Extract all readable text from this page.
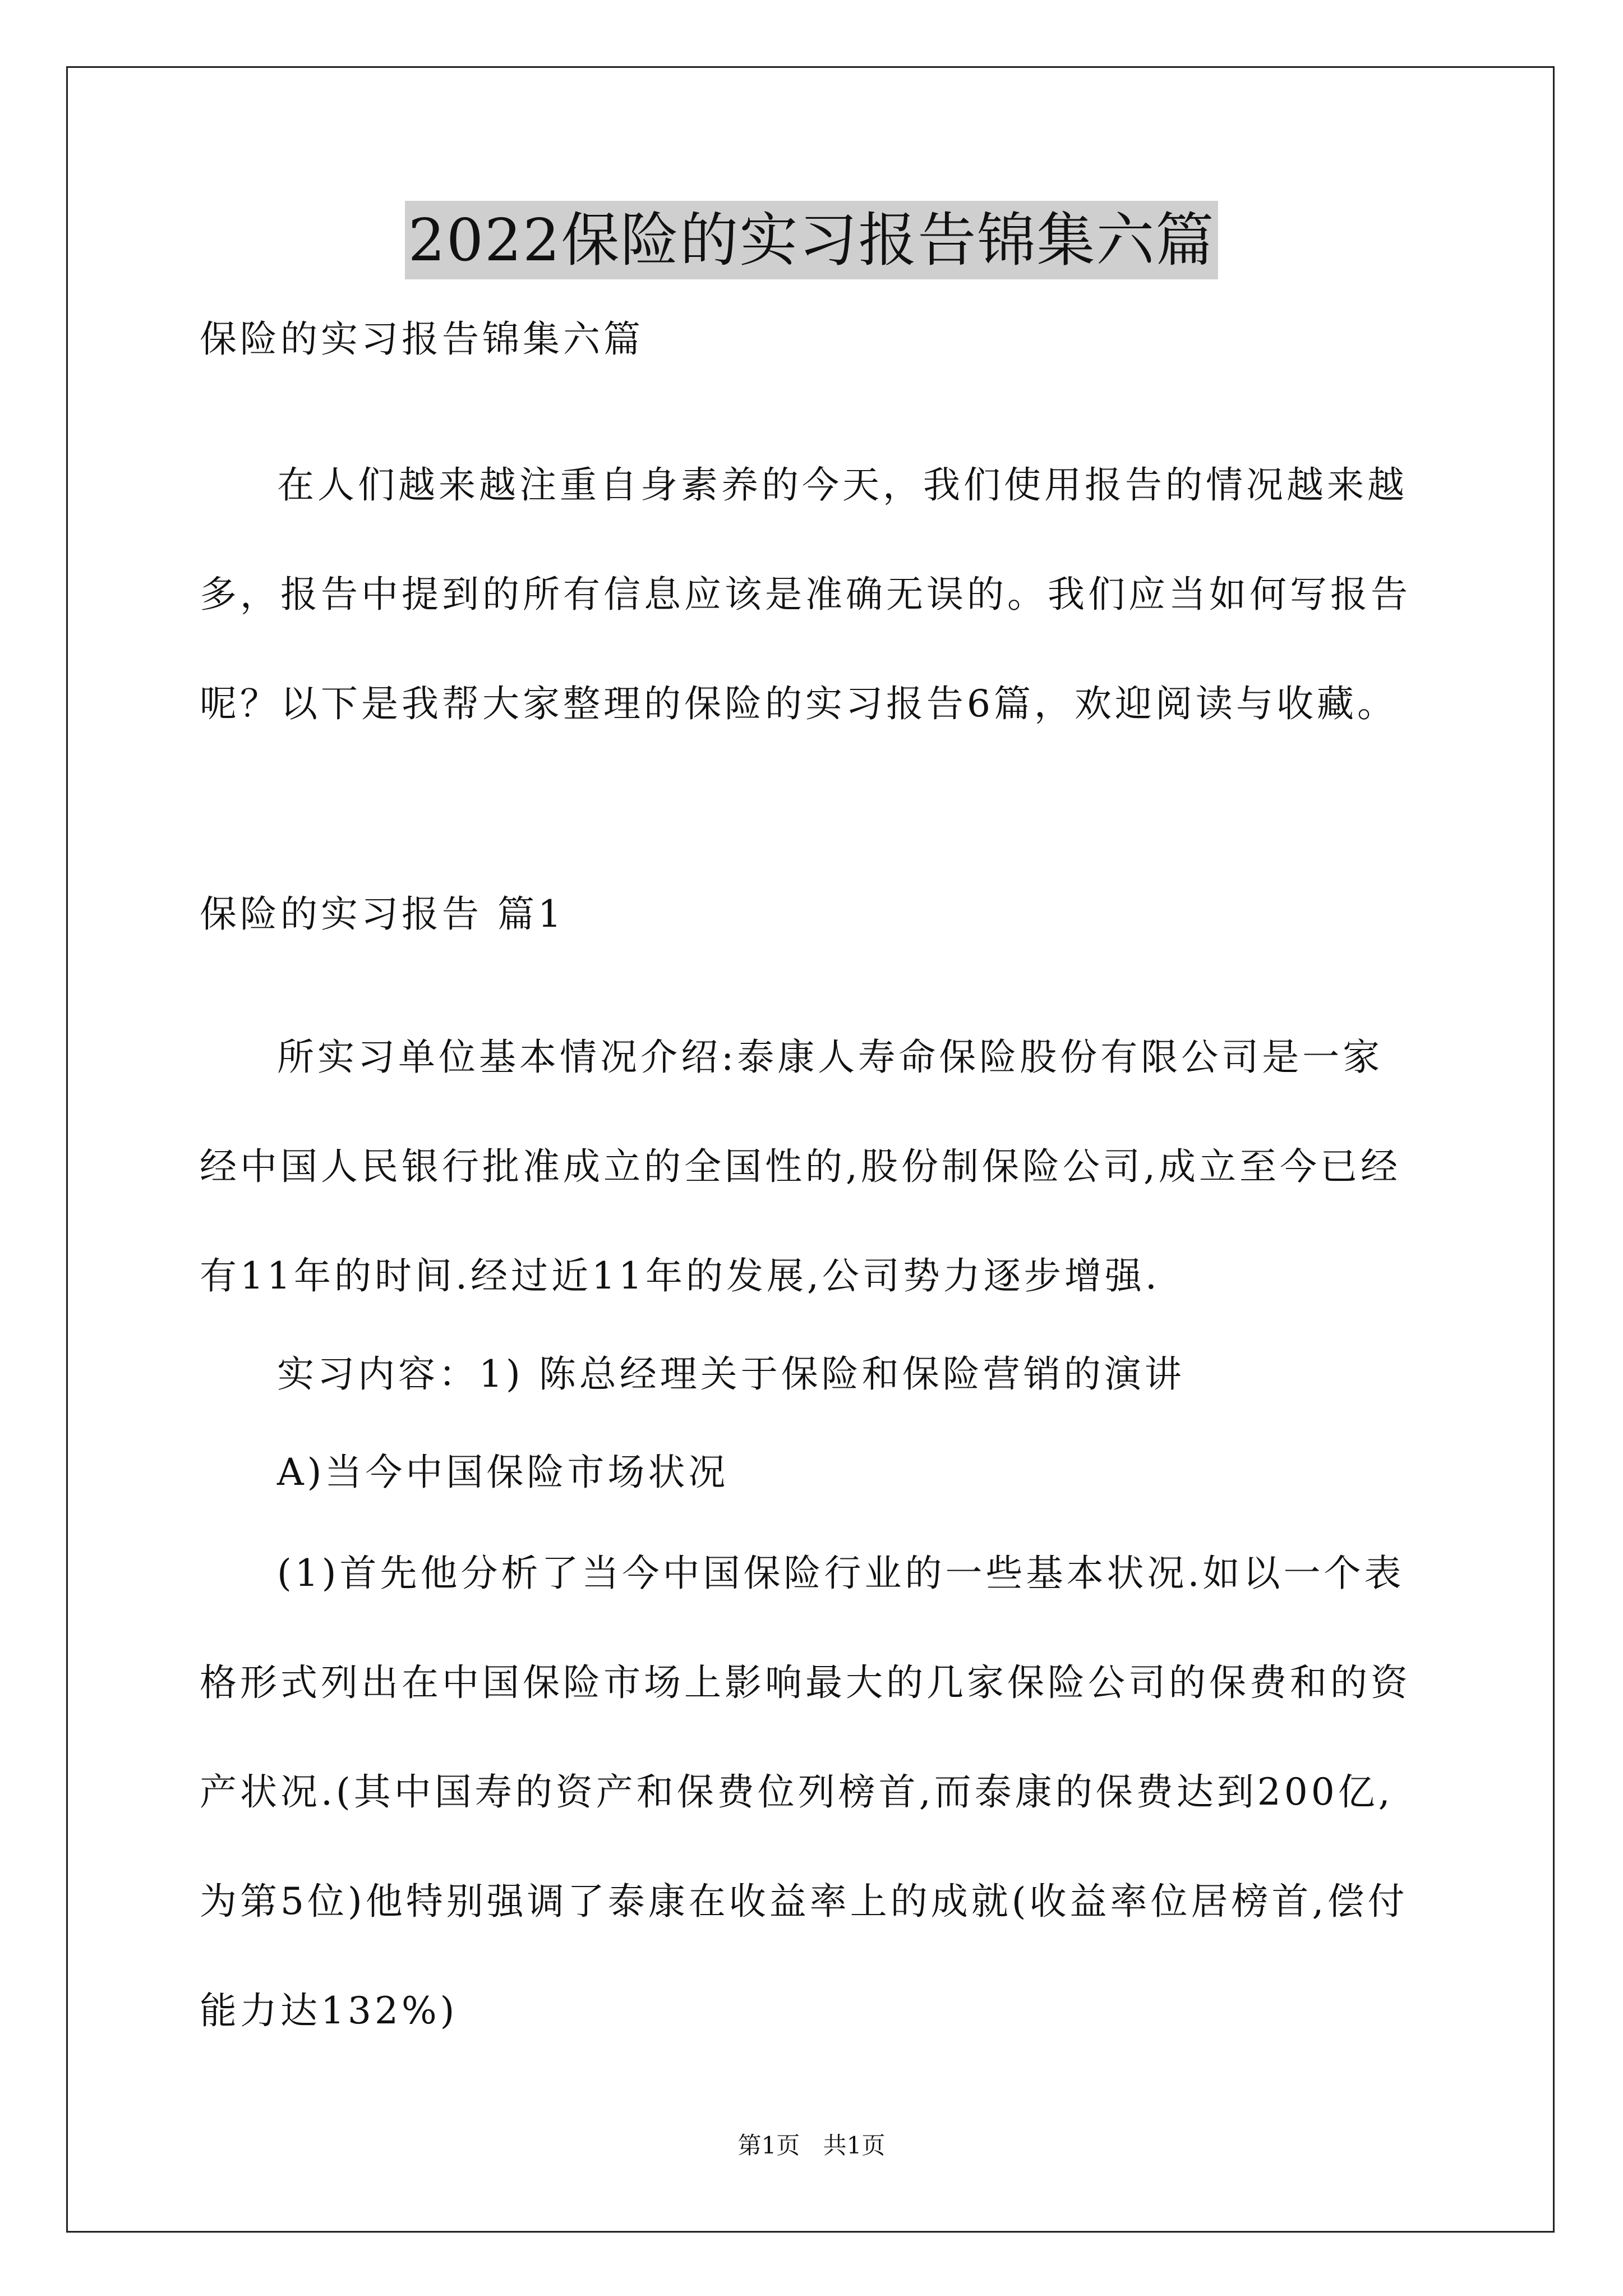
2022保险的实习报告锦集六篇
保险的实习报告锦集六篇
在人们越来越注重自身素养的今天，我们使用报告的情况越来越
多，报告中提到的所有信息应该是准确无误的。我们应当如何写报告
呢？以下是我帮大家整理的保险的实习报告6篇，欢迎阅读与收藏。
保险的实习报告 篇1
所实习单位基本情况介绍:泰康人寿命保险股份有限公司是一家
经中国人民银行批准成立的全国性的,股份制保险公司,成立至今已经
有11年的时间.经过近11年的发展,公司势力逐步增强.
实习内容：1) 陈总经理关于保险和保险营销的演讲
A)当今中国保险市场状况
(1)首先他分析了当今中国保险行业的一些基本状况.如以一个表
格形式列出在中国保险市场上影响最大的几家保险公司的保费和的资
产状况.(其中国寿的资产和保费位列榜首,而泰康的保费达到200亿,
为第5位)他特别强调了泰康在收益率上的成就(收益率位居榜首,偿付
能力达132%)
第1页 共1页
